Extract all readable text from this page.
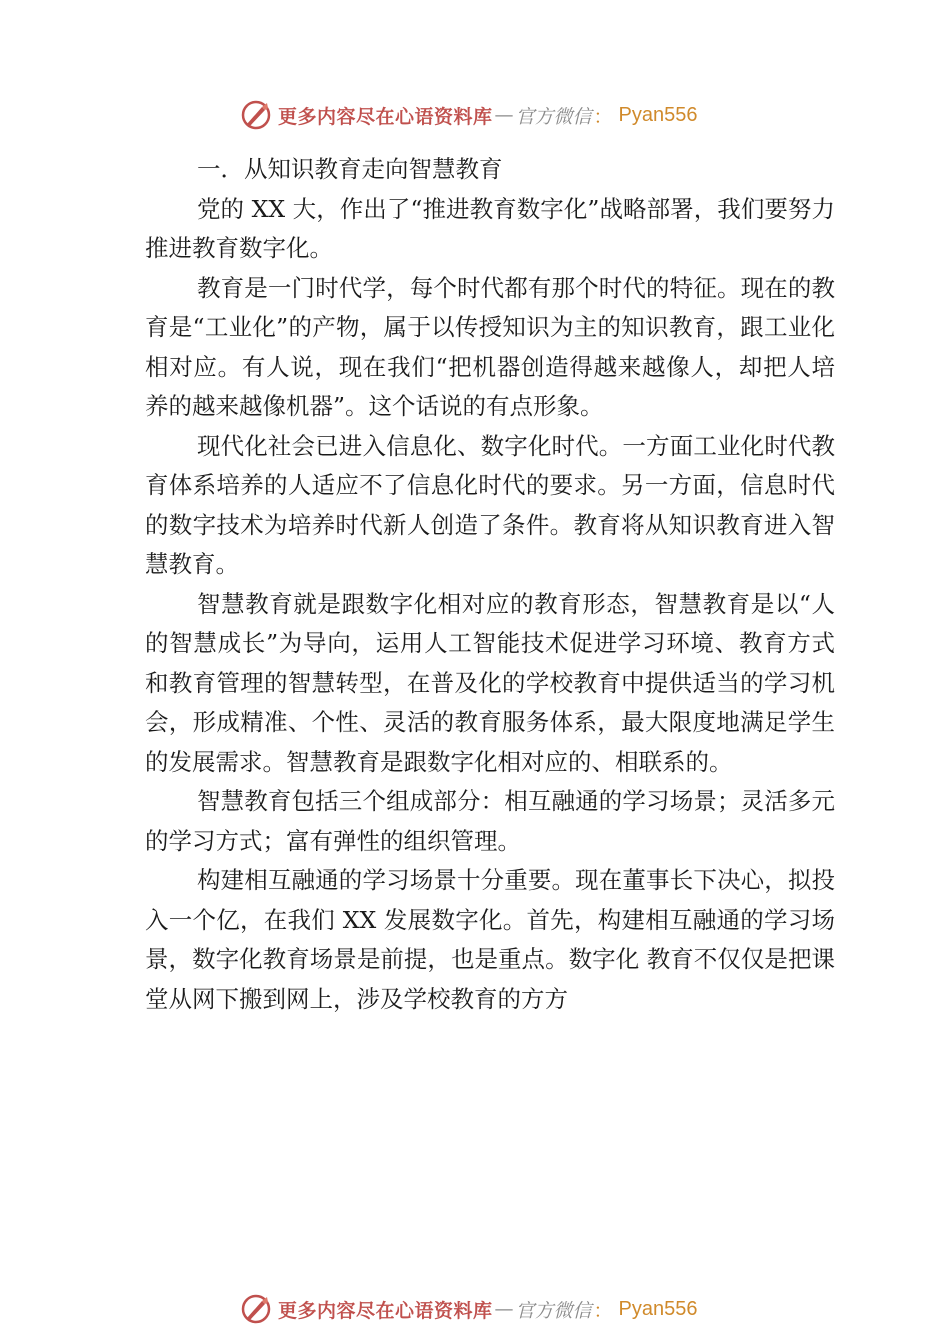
更多内容尽在心语资料库 — 官方微信 ： Pyan556

一．从知识教育走向智慧教育

党的 XX 大，作出了“推进教育数字化”战略部署，我们要努力推进教育数字化。

教育是一门时代学，每个时代都有那个时代的特征。现在的教育是“工业化”的产物，属于以传授知识为主的知识教育，跟工业化相对应。有人说，现在我们“把机器创造得越来越像人，却把人培养的越来越像机器”。这个话说的有点形象。

现代化社会已进入信息化、数字化时代。一方面工业化时代教育体系培养的人适应不了信息化时代的要求。另一方面，信息时代的数字技术为培养时代新人创造了条件。教育将从知识教育进入智慧教育。

智慧教育就是跟数字化相对应的教育形态，智慧教育是以“人的智慧成长”为导向，运用人工智能技术促进学习环境、教育方式和教育管理的智慧转型，在普及化的学校教育中提供适当的学习机会，形成精准、个性、灵活的教育服务体系，最大限度地满足学生的发展需求。智慧教育是跟数字化相对应的、相联系的。

智慧教育包括三个组成部分：相互融通的学习场景；灵活多元的学习方式；富有弹性的组织管理。

构建相互融通的学习场景十分重要。现在董事长下决心，拟投入一个亿，在我们 XX 发展数字化。首先，构建相互融通的学习场景，数字化教育场景是前提，也是重点。数字化 教育不仅仅是把课堂从网下搬到网上，涉及学校教育的方方

更多内容尽在心语资料库 — 官方微信 ： Pyan556
